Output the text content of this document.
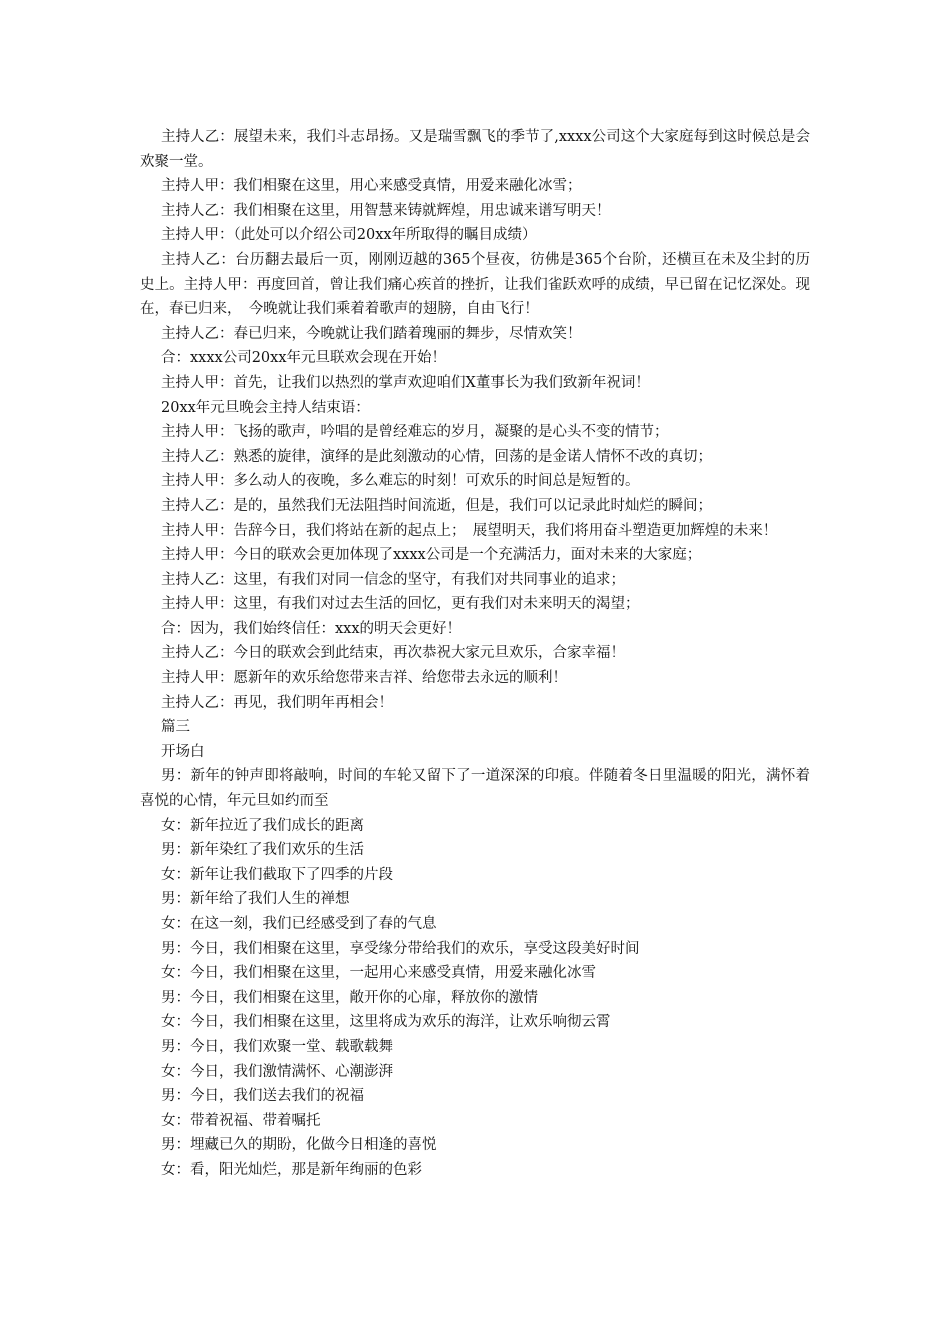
主持人乙：展望未来，我们斗志昂扬。又是瑞雪飘飞的季节了,xxxx公司这个大家庭每到这时候总是会欢聚一堂。

主持人甲：我们相聚在这里，用心来感受真情，用爱来融化冰雪；

主持人乙：我们相聚在这里，用智慧来铸就辉煌，用忠诚来谱写明天！

主持人甲：（此处可以介绍公司20xx年所取得的瞩目成绩）

主持人乙：台历翻去最后一页，刚刚迈越的365个昼夜，彷佛是365个台阶，还横亘在未及尘封的历史上。主持人甲：再度回首，曾让我们痛心疾首的挫折，让我们雀跃欢呼的成绩，早已留在记忆深处。现在，春已归来，　今晚就让我们乘着着歌声的翅膀，自由飞行！

主持人乙：春已归来，今晚就让我们踏着瑰丽的舞步，尽情欢笑！

合：xxxx公司20xx年元旦联欢会现在开始！

主持人甲：首先，让我们以热烈的掌声欢迎咱们X董事长为我们致新年祝词！

20xx年元旦晚会主持人结束语：

主持人甲：飞扬的歌声，吟唱的是曾经难忘的岁月，凝聚的是心头不变的情节；

主持人乙：熟悉的旋律，演绎的是此刻激动的心情，回荡的是金诺人情怀不改的真切；

主持人甲：多么动人的夜晚，多么难忘的时刻！可欢乐的时间总是短暂的。

主持人乙：是的，虽然我们无法阻挡时间流逝，但是，我们可以记录此时灿烂的瞬间；

主持人甲：告辞今日，我们将站在新的起点上；　展望明天，我们将用奋斗塑造更加辉煌的未来！

主持人甲：今日的联欢会更加体现了xxxx公司是一个充满活力，面对未来的大家庭；

主持人乙：这里，有我们对同一信念的坚守，有我们对共同事业的追求；

主持人甲：这里，有我们对过去生活的回忆，更有我们对未来明天的渴望；

合：因为，我们始终信任：xxx的明天会更好！

主持人乙：今日的联欢会到此结束，再次恭祝大家元旦欢乐，合家幸福！

主持人甲：愿新年的欢乐给您带来吉祥、给您带去永远的顺利！

主持人乙：再见，我们明年再相会！

篇三

开场白

男：新年的钟声即将敲响，时间的车轮又留下了一道深深的印痕。伴随着冬日里温暖的阳光，满怀着喜悦的心情，年元旦如约而至

女：新年拉近了我们成长的距离

男：新年染红了我们欢乐的生活

女：新年让我们截取下了四季的片段

男：新年给了我们人生的禅想

女：在这一刻，我们已经感受到了春的气息

男：今日，我们相聚在这里，享受缘分带给我们的欢乐，享受这段美好时间

女：今日，我们相聚在这里，一起用心来感受真情，用爱来融化冰雪

男：今日，我们相聚在这里，敞开你的心扉，释放你的激情

女：今日，我们相聚在这里，这里将成为欢乐的海洋，让欢乐响彻云霄

男：今日，我们欢聚一堂、载歌载舞

女：今日，我们激情满怀、心潮澎湃

男：今日，我们送去我们的祝福

女：带着祝福、带着嘱托

男：埋藏已久的期盼，化做今日相逢的喜悦

女：看，阳光灿烂，那是新年绚丽的色彩
